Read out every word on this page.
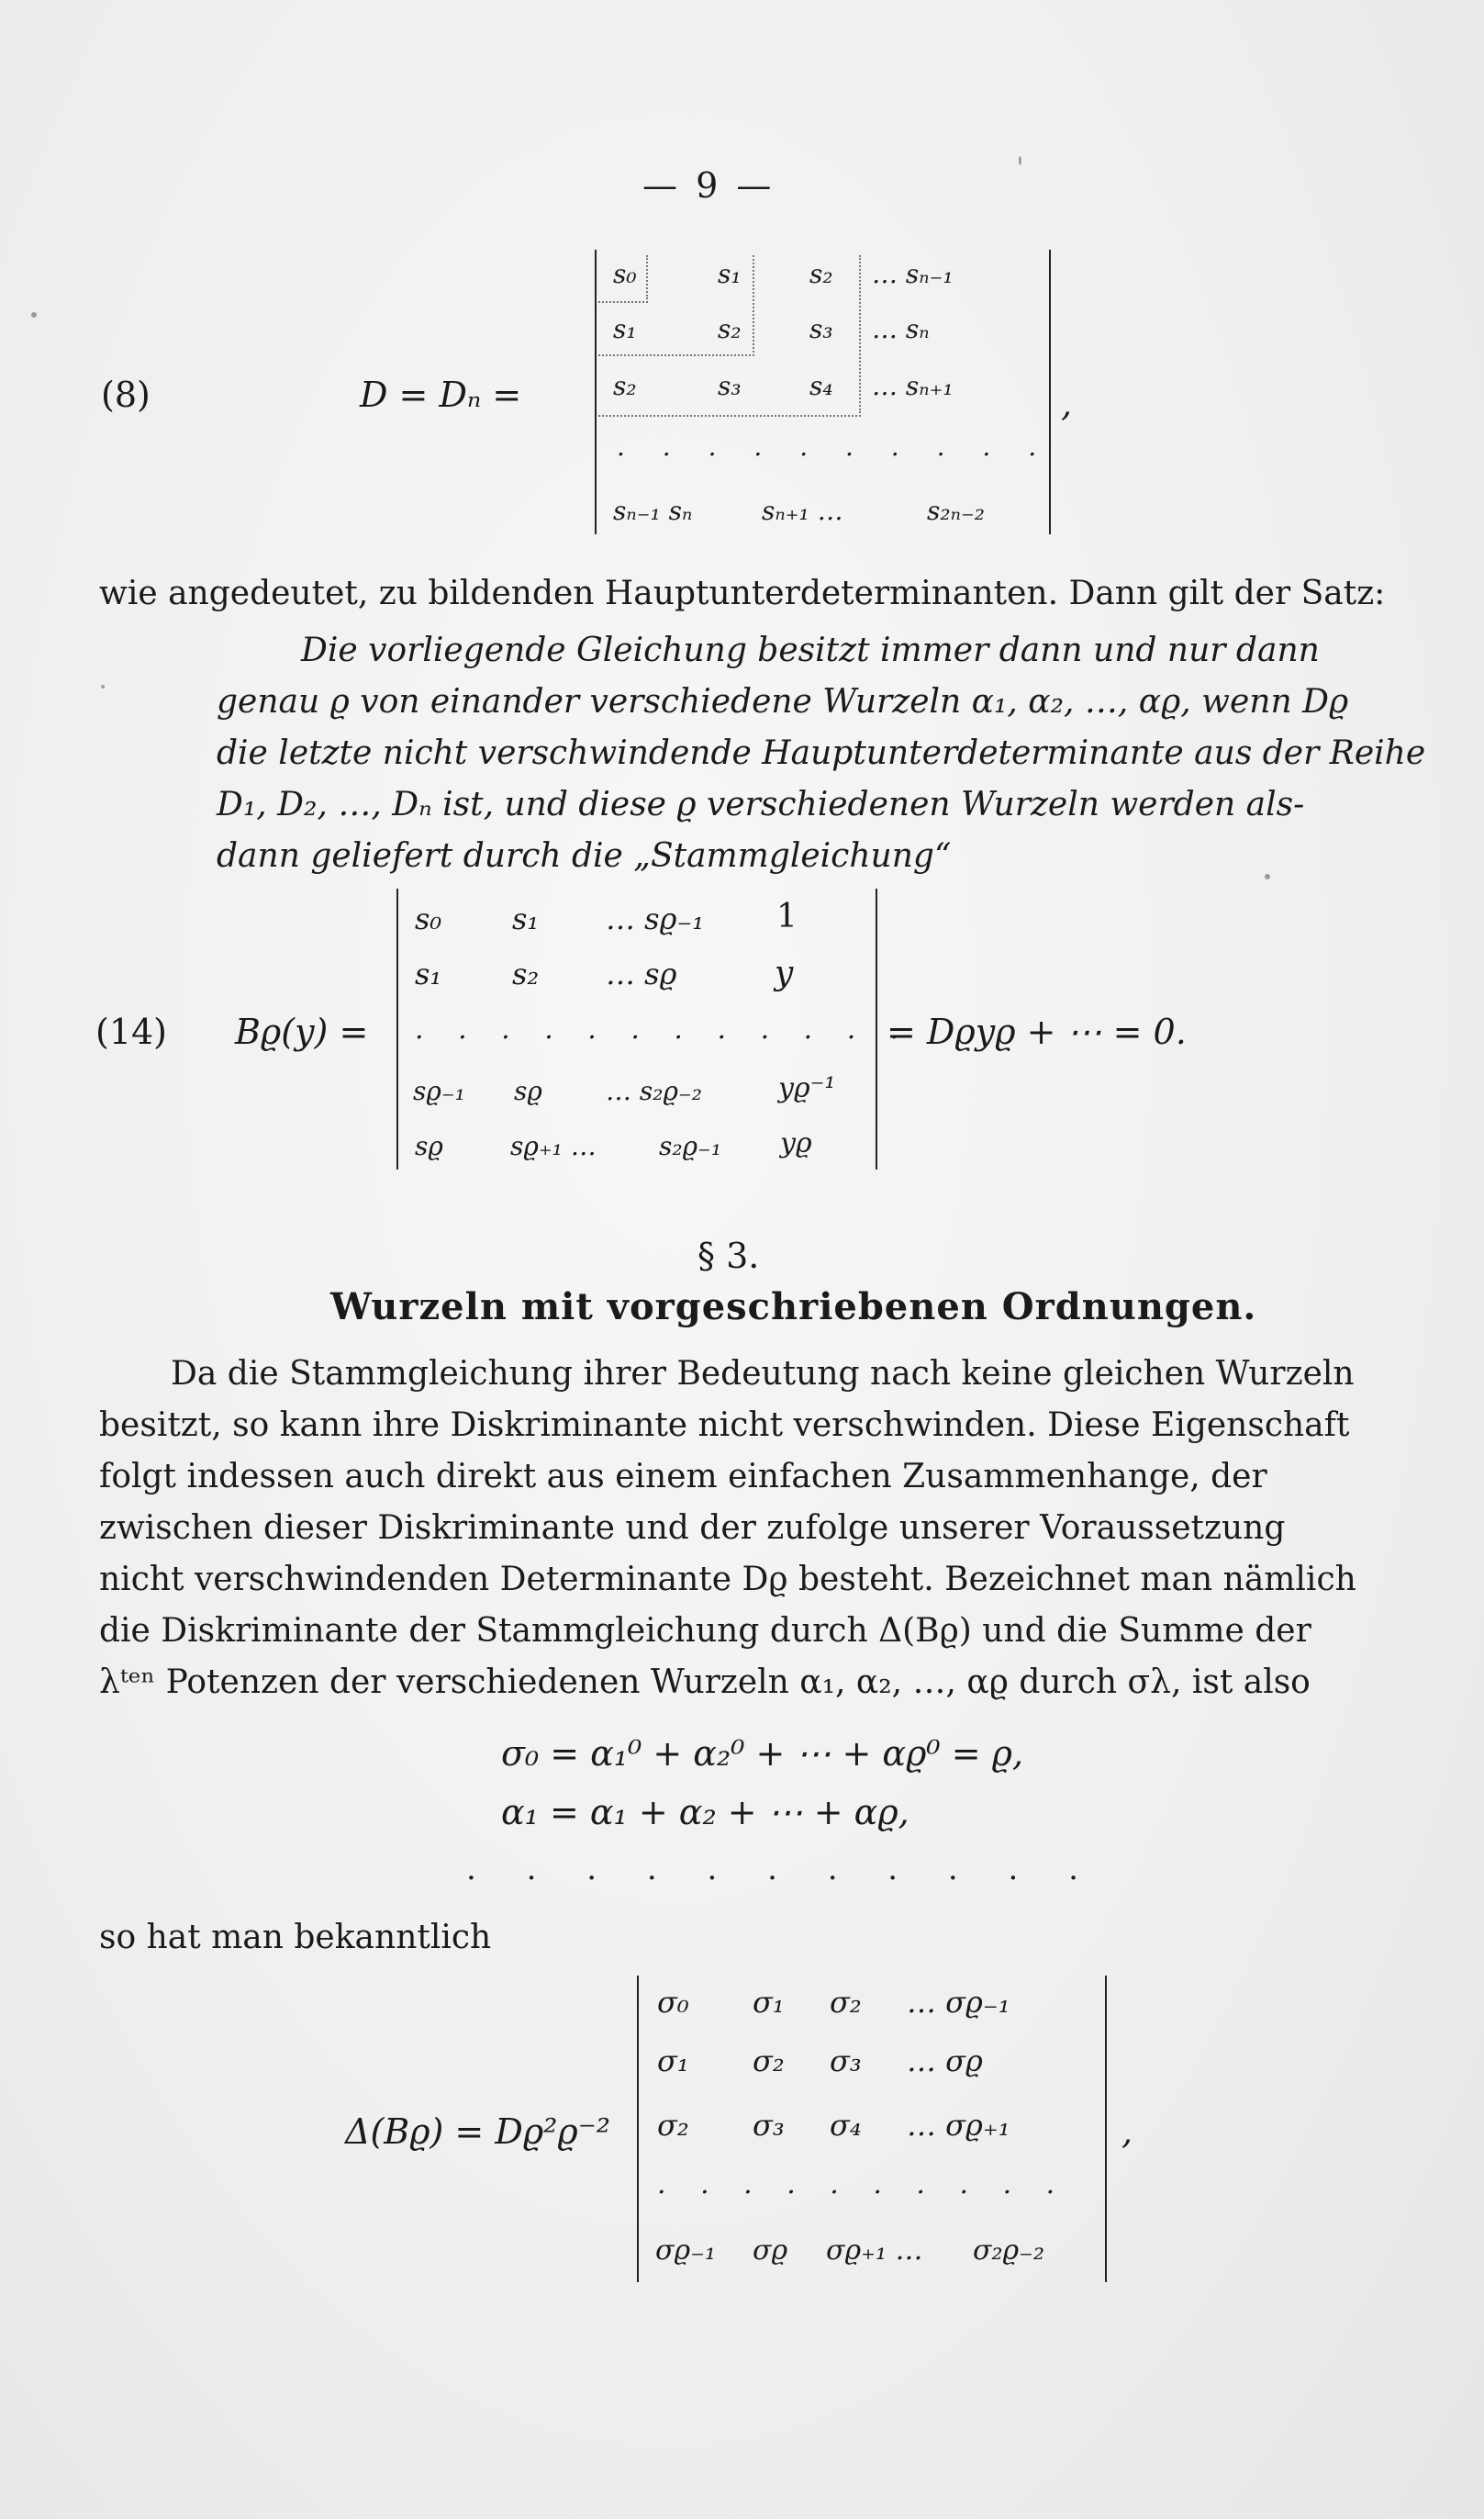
— 9 —
(8)	D = Dₙ =
s₀	s₁	s₂ … sₙ₋₁
s₁	s₂	s₃ … sₙ
s₂	s₃	s₄ … sₙ₊₁
. . . . . . . . . .
sₙ₋₁ sₙ	sₙ₊₁ …	s₂ₙ₋₂
,
wie angedeutet, zu bildenden Hauptunterdeterminanten. Dann gilt der Satz:
Die vorliegende Gleichung besitzt immer dann und nur dann
genau ϱ von einander verschiedene Wurzeln α₁, α₂, …, αϱ, wenn Dϱ
die letzte nicht verschwindende Hauptunterdeterminante aus der Reihe
D₁, D₂, …, Dₙ ist, und diese ϱ verschiedenen Wurzeln werden als-
dann geliefert durch die „Stammgleichung“
(14) Bϱ(y) =
s₀ s₁ … sϱ₋₁ 1
s₁ s₂ … sϱ	y
. . . . . . . . . . . .
sϱ₋₁ sϱ … s₂ϱ₋₂	yϱ⁻¹
sϱ	sϱ₊₁ … s₂ϱ₋₁ yϱ
= Dϱyϱ + ⋯ = 0.
§ 3.
Wurzeln mit vorgeschriebenen Ordnungen.
Da die Stammgleichung ihrer Bedeutung nach keine gleichen Wurzeln
besitzt, so kann ihre Diskriminante nicht verschwinden. Diese Eigenschaft
folgt indessen auch direkt aus einem einfachen Zusammenhange, der
zwischen dieser Diskriminante und der zufolge unserer Voraussetzung
nicht verschwindenden Determinante Dϱ besteht. Bezeichnet man nämlich
die Diskriminante der Stammgleichung durch Δ(Bϱ) und die Summe der
λᵗᵉⁿ Potenzen der verschiedenen Wurzeln α₁, α₂, …, αϱ durch σλ, ist also
σ₀ = α₁⁰ + α₂⁰ + ⋯ + αϱ⁰ = ϱ,
α₁ = α₁ + α₂ + ⋯ + αϱ,
. . . . . . . . . . .
so hat man bekanntlich
Δ(Bϱ) = Dϱ²ϱ⁻²
σ₀ σ₁ σ₂ … σϱ₋₁
σ₁ σ₂ σ₃ … σϱ
σ₂ σ₃ σ₄ … σϱ₊₁
. . . . . . . . . .
σϱ₋₁ σϱ σϱ₊₁ … σ₂ϱ₋₂
,
